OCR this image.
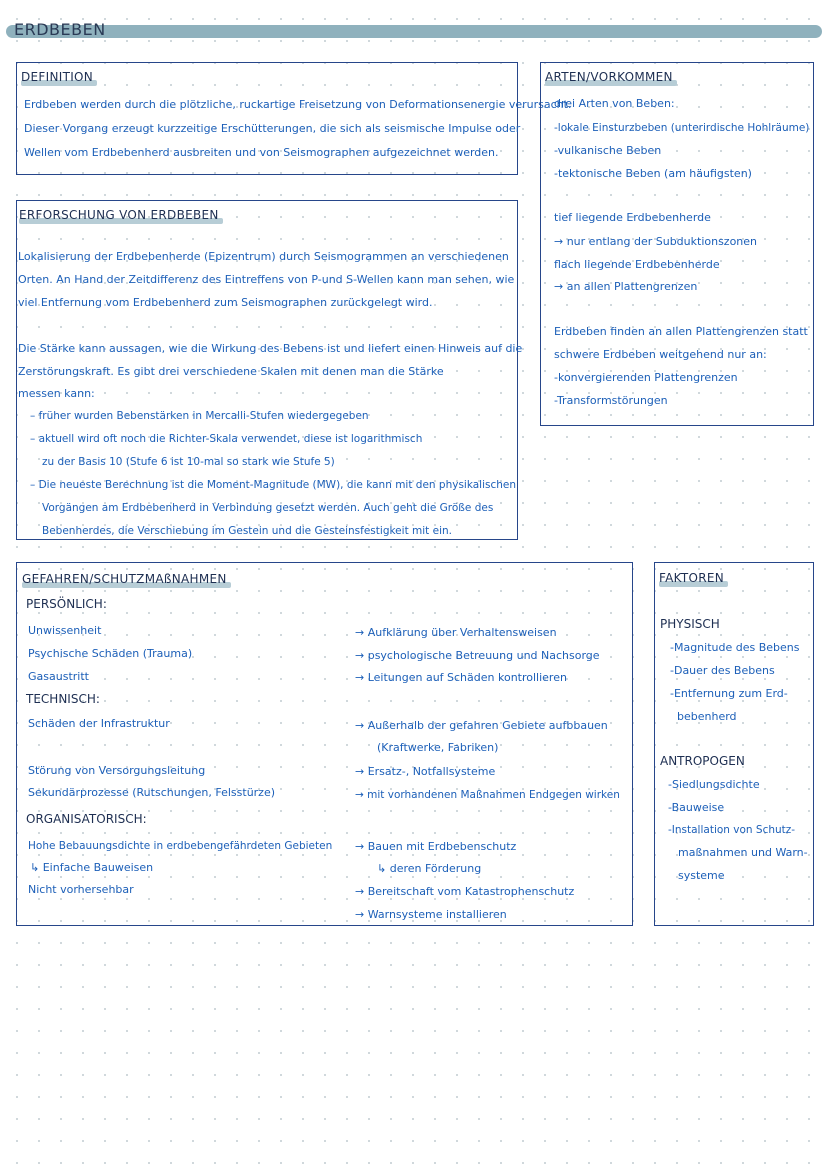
ERDBEBEN
DEFINITION
Erdbeben werden durch die plötzliche, ruckartige Freisetzung von Deformationsenergie verursacht.
Dieser Vorgang erzeugt kurzzeitige Erschütterungen, die sich als seismische Impulse oder
Wellen vom Erdbebenherd ausbreiten und von Seismographen aufgezeichnet werden.
ARTEN/VORKOMMEN
drei Arten von Beben:
-lokale Einsturzbeben (unterirdische Hohlräume)
-vulkanische Beben
-tektonische Beben (am häufigsten)
tief liegende Erdbebenherde
→ nur entlang der Subduktionszonen
flach liegende Erdbebenherde
→ an allen Plattengrenzen
Erdbeben finden an allen Plattengrenzen statt
schwere Erdbeben weitgehend nur an:
-konvergierenden Plattengrenzen
-Transformstörungen
ERFORSCHUNG VON ERDBEBEN
Lokalisierung der Erdbebenherde (Epizentrum) durch Seismogrammen an verschiedenen
Orten. An Hand der Zeitdifferenz des Eintreffens von P-und S-Wellen kann man sehen, wie
viel Entfernung vom Erdbebenherd zum Seismographen zurückgelegt wird.
Die Stärke kann aussagen, wie die Wirkung des Bebens ist und liefert einen Hinweis auf die
Zerstörungskraft. Es gibt drei verschiedene Skalen mit denen man die Stärke
messen kann:
– früher wurden Bebenstärken in Mercalli-Stufen wiedergegeben
– aktuell wird oft noch die Richter-Skala verwendet, diese ist logarithmisch
zu der Basis 10 (Stufe 6 ist 10-mal so stark wie Stufe 5)
– Die neueste Berechnung ist die Moment-Magnitude (MW), die kann mit den physikalischen
Vorgängen am Erdbebenherd in Verbindung gesetzt werden. Auch geht die Größe des
Bebenherdes, die Verschiebung im Gestein und die Gesteinsfestigkeit mit ein.
GEFAHREN/SCHUTZMAßNAHMEN
PERSÖNLICH:
Unwissenheit
Psychische Schäden (Trauma)
Gasaustritt
TECHNISCH:
Schäden der Infrastruktur
Störung von Versorgungsleitung
Sekundärprozesse (Rutschungen, Felsstürze)
ORGANISATORISCH:
Hohe Bebauungsdichte in erdbebengefährdeten Gebieten
↳ Einfache Bauweisen
Nicht vorhersehbar
→ Aufklärung über Verhaltensweisen
→ psychologische Betreuung und Nachsorge
→ Leitungen auf Schäden kontrollieren
→ Außerhalb der gefahren Gebiete aufbbauen
(Kraftwerke, Fabriken)
→ Ersatz-, Notfallsysteme
→ mit vorhandenen Maßnahmen Endgegen wirken
→ Bauen mit Erdbebenschutz
↳ deren Förderung
→ Bereitschaft vom Katastrophenschutz
→ Warnsysteme installieren
FAKTOREN
PHYSISCH
-Magnitude des Bebens
-Dauer des Bebens
-Entfernung zum Erd-
bebenherd
ANTROPOGEN
-Siedlungsdichte
-Bauweise
-Installation von Schutz-
maßnahmen und Warn-
systeme
